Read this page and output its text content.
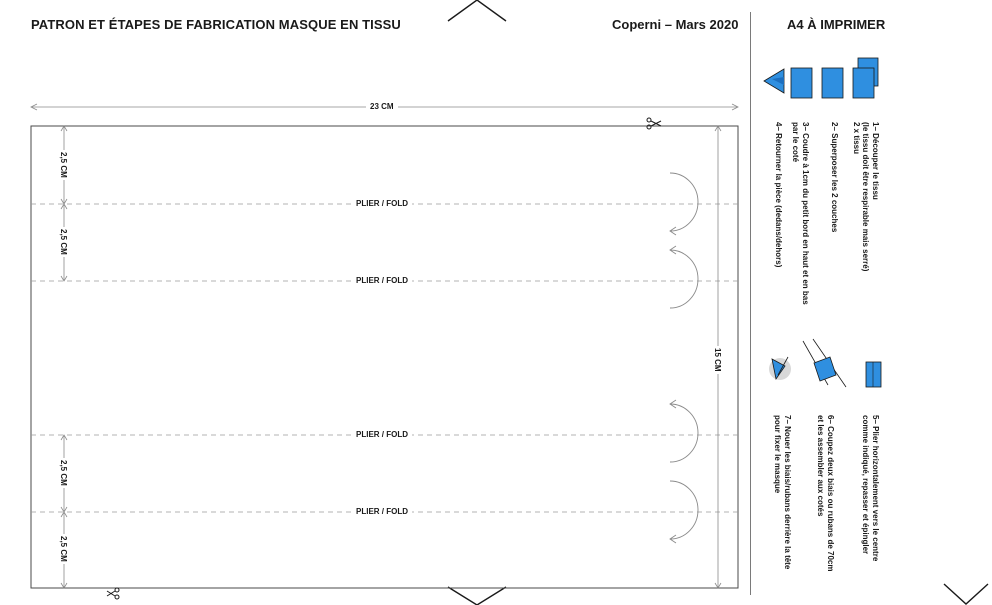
PATRON ET ÉTAPES DE FABRICATION MASQUE EN TISSU	Coperni – Mars 2020	A4 À IMPRIMER
23 CM
PLIER / FOLD
PLIER / FOLD
PLIER / FOLD
PLIER / FOLD
2,5 CM
2,5 CM
2,5 CM
2,5 CM
15 CM
1– Découper le tissu
(le tissu doit être respirable mais serré)
2 x tissu
2– Superposer les 2 couches
3– Coudre à 1cm du petit bord en haut et en bas
par le coté
4– Retourner la pièce (dedans/dehors)
5– Plier horizontalement vers le centre
comme indiqué, repasser et épingler
6– Coupez deux biais ou rubans de 70cm
et les assembler aux cotés
7– Nouer les biais/rubans derrière la tête
pour fixer le masque
